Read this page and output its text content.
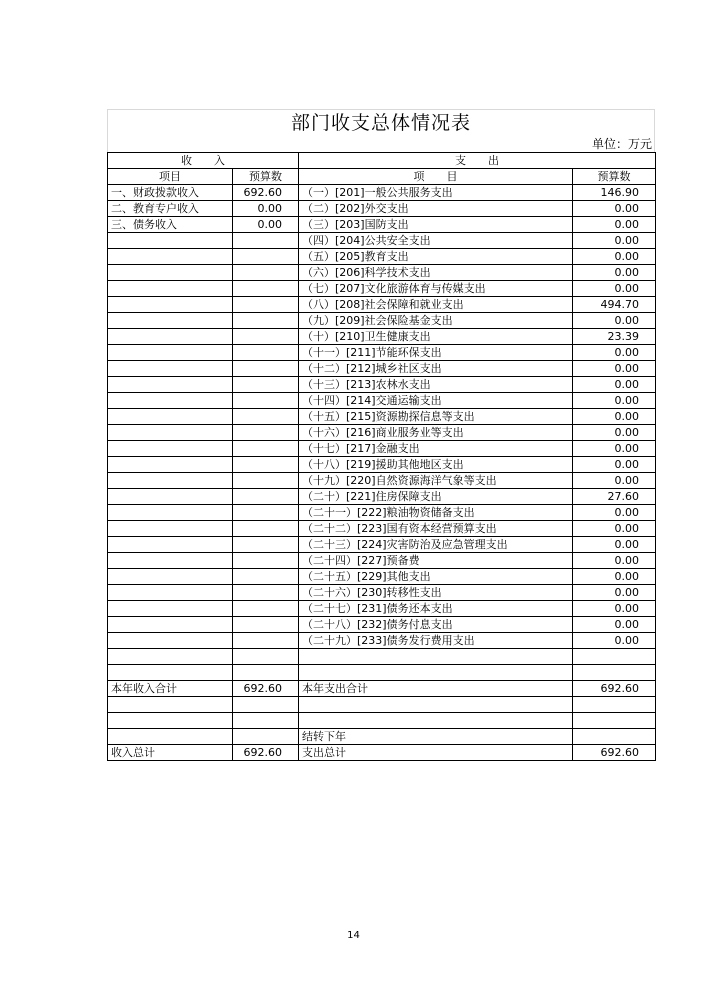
部门收支总体情况表
单位：万元
收　　入		支　　出	
项目	预算数	项　　目	预算数
一、财政拨款收入	692.60	（一）[201]一般公共服务支出	146.90
二、教育专户收入	0.00	（二）[202]外交支出	0.00
三、债务收入	0.00	（三）[203]国防支出	0.00
		（四）[204]公共安全支出	0.00
		（五）[205]教育支出	0.00
		（六）[206]科学技术支出	0.00
		（七）[207]文化旅游体育与传媒支出	0.00
		（八）[208]社会保障和就业支出	494.70
		（九）[209]社会保险基金支出	0.00
		（十）[210]卫生健康支出	23.39
		（十一）[211]节能环保支出	0.00
		（十二）[212]城乡社区支出	0.00
		（十三）[213]农林水支出	0.00
		（十四）[214]交通运输支出	0.00
		（十五）[215]资源勘探信息等支出	0.00
		（十六）[216]商业服务业等支出	0.00
		（十七）[217]金融支出	0.00
		（十八）[219]援助其他地区支出	0.00
		（十九）[220]自然资源海洋气象等支出	0.00
		（二十）[221]住房保障支出	27.60
		（二十一）[222]粮油物资储备支出	0.00
		（二十二）[223]国有资本经营预算支出	0.00
		（二十三）[224]灾害防治及应急管理支出	0.00
		（二十四）[227]预备费	0.00
		（二十五）[229]其他支出	0.00
		（二十六）[230]转移性支出	0.00
		（二十七）[231]债务还本支出	0.00
		（二十八）[232]债务付息支出	0.00
		（二十九）[233]债务发行费用支出	0.00

本年收入合计	692.60	本年支出合计	692.60

		结转下年	
收入总计	692.60	支出总计	692.60
14
